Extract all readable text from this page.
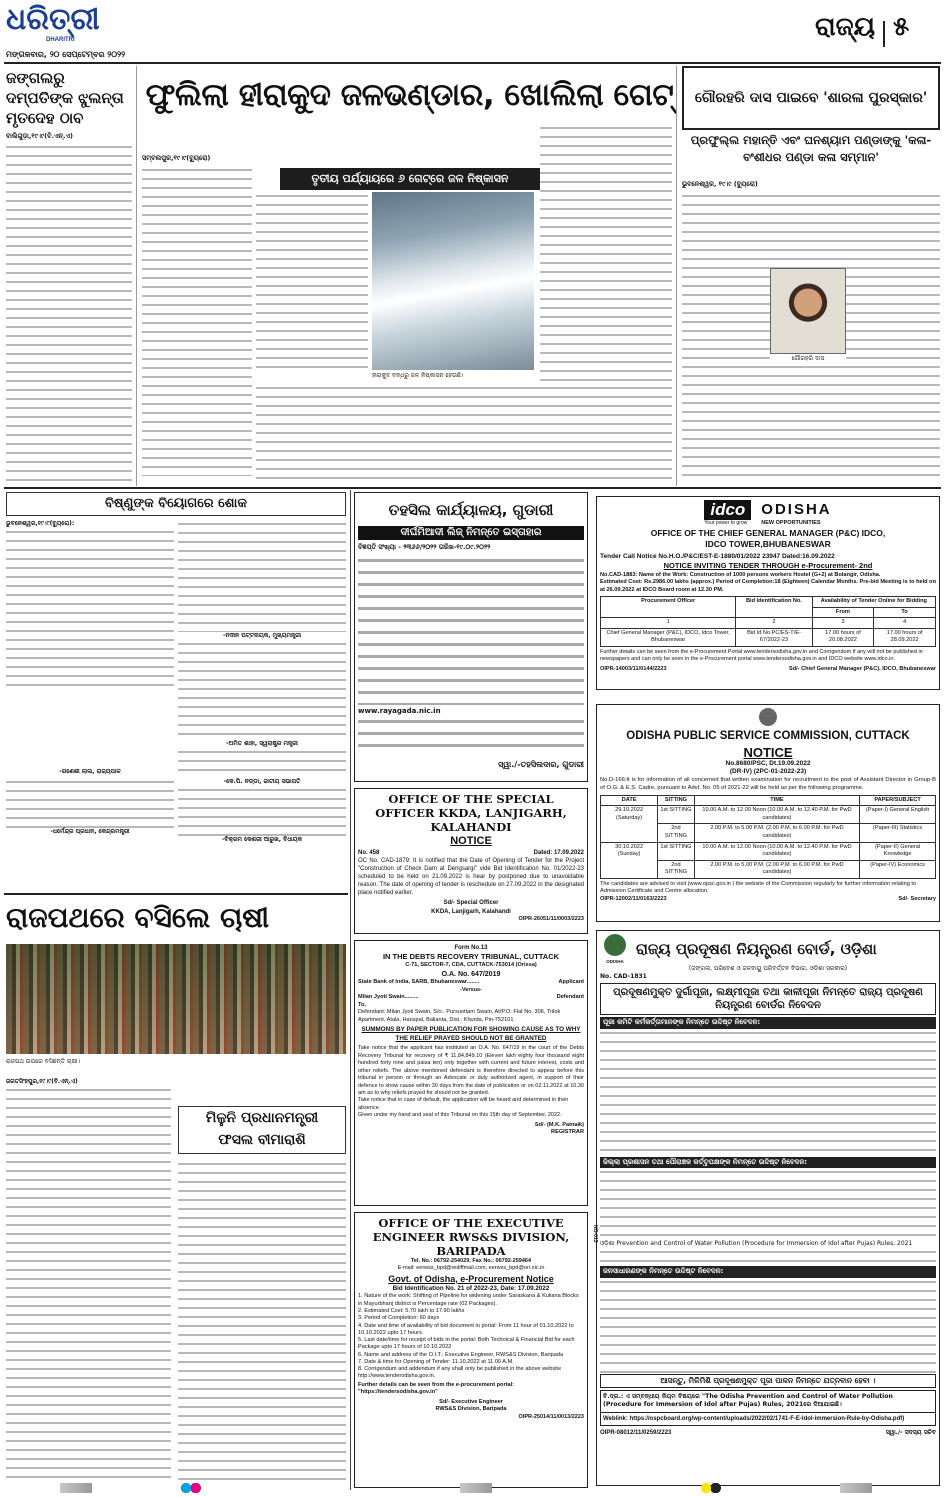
ଧରିତ୍ରୀ
DHARITRI
ମଙ୍ଗଳବାର, ୨୦ ସେପ୍ଟେମ୍ବର ୨୦୨୨
ରାଜ୍ୟ ୫
ଜଙ୍ଗଲରୁ ଦମ୍ପତିଙ୍କ ଝୁଲନ୍ତା ମୃତଦେହ ଠାବ
ବାଲିଗୁଡ଼ା,୧୯।୯(ବି.ଏନ୍‌.ଏ)
ଫୁଲିଲା ହୀରାକୁଦ ଜଳଭଣ୍ଡାର, ଖୋଲିଲା ଗେଟ୍‌
ସମ୍ବଲପୁର,୧୯।୯(ବ୍ୟୁରୋ)
ତୃତୀୟ ପର୍ଯ୍ୟାୟରେ ୬ ଗେଟ୍‌ରେ ଜଳ ନିଷ୍କାସନ
ହୀରାକୁଦ ବନ୍ଧରୁ ଜଳ ନିଷ୍କାସନ ହେଉଛି।
ଗୌରହରି ଦାସ ପାଇବେ 'ଶାରଳା ପୁରସ୍କାର'
ପ୍ରଫୁଲ୍ଲ ମହାନ୍ତି ଏବଂ ଘନଶ୍ୟାମ ପଣ୍ଡାଙ୍କୁ 'କଳା-ବଂଶୀଧର ପଣ୍ଡା କଳା ସମ୍ମାନ'
ଭୁବନେଶ୍ୱର, ୧୯।୯ (ବ୍ୟୁରୋ)
ଗୌରହରି ଦାସ
ବିଷ୍ଣୁଙ୍କ ବିୟୋଗରେ ଶୋକ
ଭୁବନେଶ୍ୱର,୧୯।୯(ବ୍ୟୁରୋ):
-ଗଣେଶୀ ଲାଲ, ରାଜ୍ୟପାଳ
-ଧର୍ମେନ୍ଦ୍ର ପ୍ରଧାନ, କେନ୍ଦ୍ରମନ୍ତ୍ରୀ
-ନଦୀନ ପଟ୍ଟନାୟକ, ମୁଖ୍ୟମନ୍ତ୍ରୀ
-ଅମିତ ଶାହା, ସ୍ୱରାଷ୍ଟ୍ର ମନ୍ତ୍ରୀ
-କେ.ପି. ନଡ୍ଡା, ଜାତୀୟ ସଭାପତି
-ବିକ୍ରମ କେଶରୀ ଆରୁଖ, ବିଧାୟକ
ରାଜପଥରେ ବସିଲେ ଚାଷୀ
ରାଜପଥ ଉପରେ ବସିଛନ୍ତି ଚାଷୀ।
ଜଗତସିଂହପୁର,୧୯।୯(ବି.ଏନ୍‌.ଏ)
ମିଳୁନି ପ୍ରଧାନମନ୍ତ୍ରୀ
ଫସଲ ବୀମାରାଶି
ତହସିଲ କାର୍ଯ୍ୟାଳୟ, ଗୁଡାରୀ
ଦୀର୍ଘମିଆଦୀ ଲିଜ୍ ନିମନ୍ତେ ଇସ୍ତାହାର
ବିଜ୍ଞପ୍ତି ସଂଖ୍ୟା - ୨୩୬୬/୨୦୨୨ ତାରିଖ-୧୯.୦୯.୨୦୨୨
www.rayagada.nic.in
ସ୍ୱା./-ତହସିଲଦାର, ଗୁଡାରୀ
OFFICE OF THE SPECIAL OFFICER KKDA, LANJIGARH, KALAHANDI
NOTICE
No. 458	Dated: 17.09.2022
OC No. CAD-1879: It is notified that the Date of Opening of Tender for the Project "Construction of Check Dam at Dengsargi" vide Bid Identification No. 01/2022-23 scheduled to be held on 21.09.2022 is hear by postponed due to unavoidable reason. The date of opening of tender is reschedule on 27.09.2022 in the designated place notified earlier.
Sd/- Special Officer
KKDA, Lanjigarh, Kalahandi
OIPR-26051/11/0003/2223
Form No.13
IN THE DEBTS RECOVERY TRIBUNAL, CUTTACK
C-71, SECTOR-7, CDA, CUTTACK-753014 (Orissa)
O.A. No. 647/2019
State Bank of India, SARB, Bhubaneswar........	Applicant
-Versus-
Milan Jyoti Swain.........	Defendant
To,
Defendant: Milan Jyoti Swain, S/o.: Pursuottam Swain, At/P.O: Flat No. 306, Trilok Apartment, Atala, Hanspal, Balianta, Dist.: Khurda, Pin-752101
SUMMONS BY PAPER PUBLICATION FOR SHOWING CAUSE AS TO WHY THE RELIEF PRAYED SHOULD NOT BE GRANTED
Take notice that the applicant has instituted an O.A. No. 647/19 in the court of the Debts Recovery Tribunal for recovery of ₹ 11,84,849.10 (Eleven lakh eighty four thousand eight hundred forty nine and paisa ten) only together with current and future interest, costs and other reliefs. The above mentioned defendant is therefore directed to appear before this tribunal in person or through an Advocate or duly authorized agent, in support of their defence to show cause within 30 days from the date of publication or on 02.11.2022 at 10.30 am as to why reliefs prayed for should not be granted.
Take notice that in case of default, the application will be heard and determined in their absence.
Given under my hand and seal of this Tribunal on this 15th day of September, 2022.
Sd/- (M.K. Patnaik)
REGISTRAR
OFFICE OF THE EXECUTIVE ENGINEER RWS&S DIVISION, BARIPADA
Tel. No.: 06792-254029, Fax No.: 06792-259464
E-mail: eerwss_bpd@rediffmail.com, eerwss_bpd@ori.nic.in
Govt. of Odisha, e-Procurement Notice
Bid Identification No. 21 of 2022-23, Date: 17.09.2022
1. Nature of the work: Shifting of Pipeline for widening under Saraskana & Kuliana Blocks in Mayurbhanj district is Percentage rate (02 Packages).
2. Estimated Cost: 5.70 lakh to 17.90 lakhs
3. Period of Completion: 60 days
4. Date and time of availability of bid document in portal: From 11 hour of 01.10.2022 to 10.10.2022 upto 17 hours.
5. Last date/time for receipt of bids in the portal: Both Technical & Financial Bid for each Package upto 17 hours of 10.10.2022
6. Name and address of the O.I.T.: Executive Engineer, RWS&S Division, Baripada
7. Date & time for Opening of Tender: 11.10.2022 at 11.00 A.M.
8. Corrigendum and addendum if any shall only be published in the above website http://www.tenderodisha.gov.in.
Further details can be seen from the e-procurement portal: "https://tendersodisha.gov.in"
Sd/- Executive Engineer
RWS&S Division, Baripada
OIPR-25014/11/0013/2223
NO-013
idco
Your power to grow
ODISHA
NEW OPPORTUNITIES
OFFICE OF THE CHIEF GENERAL MANAGER (P&C) IDCO,
IDCO TOWER,BHUBANESWAR
Tender Call Notice No.H.O./P&C/EST-E-1880/01/2022 23947 Dated:16.09.2022
NOTICE INVITING TENDER THROUGH e-Procurement- 2nd
No.CAD-1883: Name of the Work: Construction of 1000 persons workers Hostel (G+2) at Bolangir, Odisha.
Estimated Cost: Rs.2986.00 lakhs (approx.) Period of Completion:18 (Eighteen) Calendar Months. Pre-bid Meeting is to held on at 26.09.2022 at IDCO Board room at 12.30 PM.
Procurement Officer	Bid Identification No.	Availability of Tender Online for Bidding	
		From	To
1	2	3	4
Chief General Manager (P&C), IDCO, Idco Tower, Bhubaneswar	Bid Id No.PC/ES-T/E-67/2022-23	17.00 hours of 20.08.2022	17.00 hours of 28.09.2022
Further details can be seen from the e-Procurement Portal www.tendersodisha.gov.in and Corrigendum if any will not be published in newspapers and can only be seen in the e-Procurement portal www.tendersodisha.gov.in and IDCO website www.idco.in.
OIPR-14003/11/0144/2223	Sd/- Chief General Manager (P&C), IDCO, Bhubaneswar
ODISHA PUBLIC SERVICE COMMISSION, CUTTACK
NOTICE
No.8680/PSC, Dt.19.09.2022
(DR-IV) (2PC-01-2022-23)
No.D-166:It is for information of all concerned that written examination for recruitment to the post of Assistant Director in Group-B of O.G. & E.S. Cadre, pursuant to Advt. No. 05 of 2021-22 will be held as per the following programme.
DATE	SITTING	TIME	PAPER/SUBJECT
29.10.2022 (Saturday)	1st SITTING	10.00 A.M. to 12.00 Noon (10.00 A.M. to 12.40 P.M. for PwD candidates)	(Paper-I) General English
	2nd SITTING	2.00 P.M. to 5.00 P.M. (2.00 P.M. to 6.00 P.M. for PwD candidates)	(Paper-III) Statistics
30.10.2022 (Sunday)	1st SITTING	10.00 A.M. to 12.00 Noon (10.00 A.M. to 12.40 P.M. for PwD candidates)	(Paper-II) General Knowledge
	2nd SITTING	2.00 P.M. to 5.00 P.M. (2.00 P.M. to 6.00 P.M. for PwD candidates)	(Paper-IV) Economics
The candidates are advised to visit (www.opsc.gov.in ) the website of the Commission regularly for further information relating to Admission Certificate and Centre allocation.
OIPR-12002/11/0163/2223	Sd/- Secretary
ODISHA
ରାଜ୍ୟ ପ୍ରଦୂଷଣ ନିୟନ୍ତ୍ରଣ ବୋର୍ଡ, ଓଡ଼ିଶା
(ଜଙ୍ଗଲ, ପରିବେଶ ଓ ଜଳବାୟୁ ପରିବର୍ତ୍ତନ ବିଭାଗ, ଓଡ଼ିଶା ସରକାର)
No. CAD-1831
ପ୍ରଦୂଷଣମୁକ୍ତ ଦୁର୍ଗାପୂଜା, ଲକ୍ଷ୍ମୀପୂଜା ତଥା କାଳୀପୂଜା ନିମନ୍ତେ ରାଜ୍ୟ ପ୍ରଦୂଷଣ ନିୟନ୍ତ୍ରଣ ବୋର୍ଡର ନିବେଦନ
ପୂଜା କମିଟି କର୍ମକର୍ତ୍ତାମାନଙ୍କ ନିମନ୍ତେ ଉଦ୍ଦିଷ୍ଟ ନିବେଦନ:
ଜିଲ୍ଲା ପ୍ରଶାସନ ତଥା ପୌରାଞ୍ଚଳ କର୍ତ୍ତୃପକ୍ଷଙ୍କ ନିମନ୍ତେ ଉଦ୍ଦିଷ୍ଟ ନିବେଦନ:
ଓଡ଼ିଶା Prevention and Control of Water Pollution (Procedure for Immersion of Idol after Pujas) Rules, 2021
ଜନସାଧାରଣଙ୍କ ନିମନ୍ତେ ଉଦ୍ଦିଷ୍ଟ ନିବେଦନ:
ଆସନ୍ତୁ, ମିଳିମିଶି ପ୍ରଦୂଷଣମୁକ୍ତ ପୂଜା ପାଳନ ନିମନ୍ତେ ଯତ୍ନବାନ ହେବା ।
ବି.ଦ୍ର.: ଏ ସମ୍ବନ୍ଧୀୟ ନିୟମ ବିଷୟରେ "The Odisha Prevention and Control of Water Pollution (Procedure for Immersion of Idol after Pujas) Rules, 2021ରେ ଦିଆଯାଇଛି।
Weblink: https://ospcboard.org/wp-content/uploads/2022/02/1741-F-E-Idol-immersion-Rule-by-Odisha.pdf)
OIPR-08012/11/0259/2223	ସ୍ୱା./- ସଦସ୍ୟ ସଚିବ
